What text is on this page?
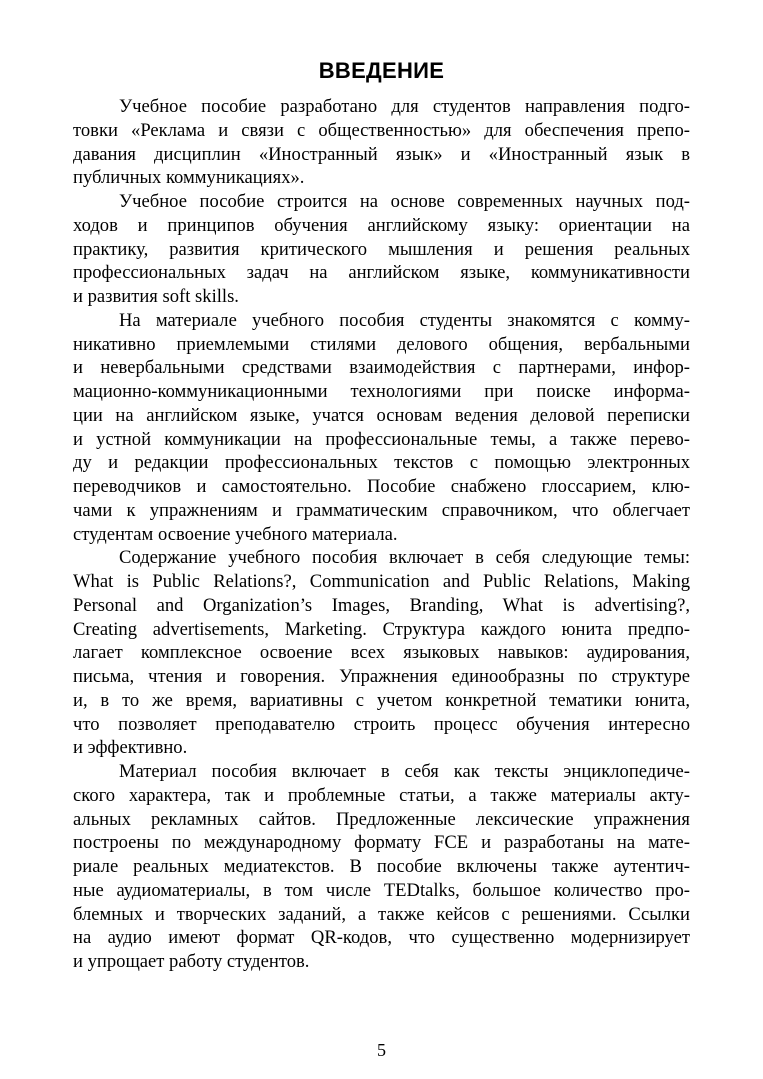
ВВЕДЕНИЕ

Учебное пособие разработано для студентов направления подго-
товки «Реклама и связи с общественностью» для обеспечения препо-
давания дисциплин «Иностранный язык» и «Иностранный язык в
публичных коммуникациях».

Учебное пособие строится на основе современных научных под-
ходов и принципов обучения английскому языку: ориентации на
практику, развития критического мышления и решения реальных
профессиональных задач на английском языке, коммуникативности
и развития soft skills.

На материале учебного пособия студенты знакомятся с комму-
никативно приемлемыми стилями делового общения, вербальными
и невербальными средствами взаимодействия с партнерами, инфор-
мационно-коммуникационными технологиями при поиске информа-
ции на английском языке, учатся основам ведения деловой переписки
и устной коммуникации на профессиональные темы, а также перево-
ду и редакции профессиональных текстов с помощью электронных
переводчиков и самостоятельно. Пособие снабжено глоссарием, клю-
чами к упражнениям и грамматическим справочником, что облегчает
студентам освоение учебного материала.

Содержание учебного пособия включает в себя следующие темы:
What is Public Relations?, Communication and Public Relations, Making
Personal and Organization’s Images, Branding, What is advertising?,
Creating advertisements, Marketing. Структура каждого юнита предпо-
лагает комплексное освоение всех языковых навыков: аудирования,
письма, чтения и говорения. Упражнения единообразны по структуре
и, в то же время, вариативны с учетом конкретной тематики юнита,
что позволяет преподавателю строить процесс обучения интересно
и эффективно.

Материал пособия включает в себя как тексты энциклопедиче-
ского характера, так и проблемные статьи, а также материалы акту-
альных рекламных сайтов. Предложенные лексические упражнения
построены по международному формату FCE и разработаны на мате-
риале реальных медиатекстов. В пособие включены также аутентич-
ные аудиоматериалы, в том числе TEDtalks, большое количество про-
блемных и творческих заданий, а также кейсов с решениями. Ссылки
на аудио имеют формат QR-кодов, что существенно модернизирует
и упрощает работу студентов.

5
